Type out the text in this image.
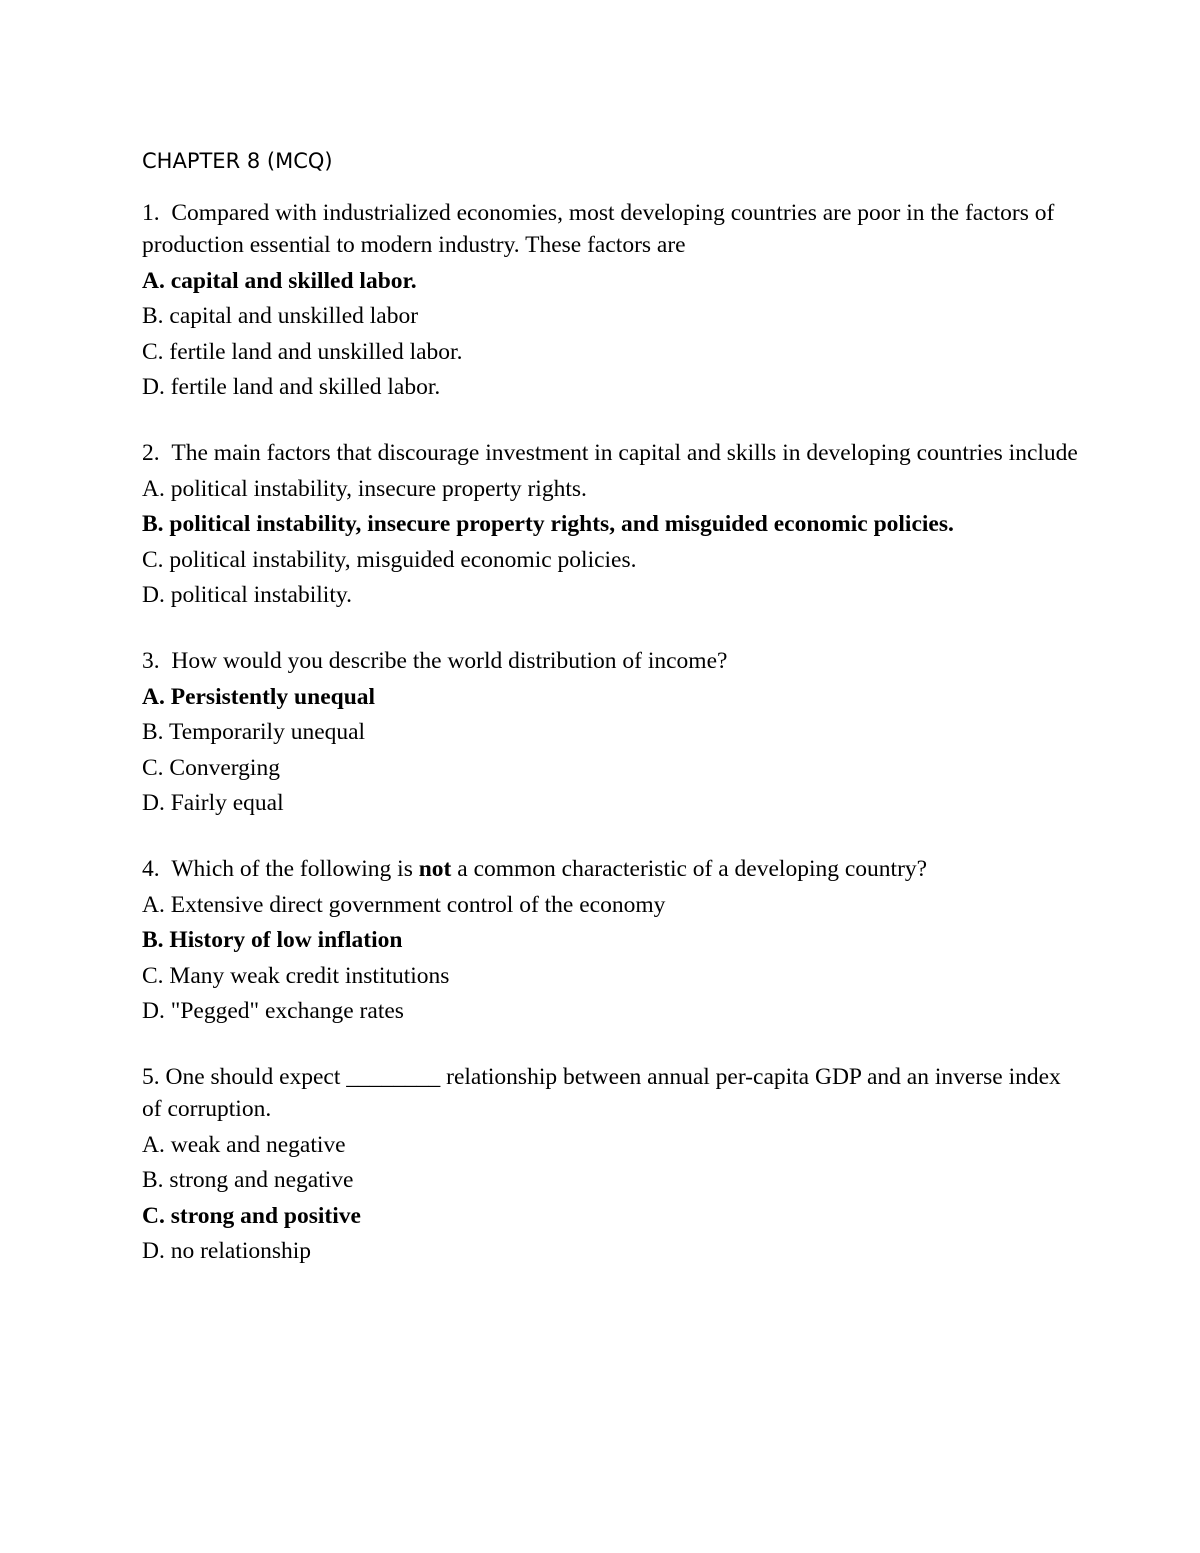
CHAPTER 8 (MCQ)

1. Compared with industrialized economies, most developing countries are poor in the factors of production essential to modern industry. These factors are

A. capital and skilled labor.

B. capital and unskilled labor

C. fertile land and unskilled labor.

D. fertile land and skilled labor.

2. The main factors that discourage investment in capital and skills in developing countries include

A. political instability, insecure property rights.

B. political instability, insecure property rights, and misguided economic policies.

C. political instability, misguided economic policies.

D. political instability.

3. How would you describe the world distribution of income?

A. Persistently unequal

B. Temporarily unequal

C. Converging

D. Fairly equal

4. Which of the following is not a common characteristic of a developing country?

A. Extensive direct government control of the economy

B. History of low inflation

C. Many weak credit institutions

D. "Pegged" exchange rates

5. One should expect ________ relationship between annual per-capita GDP and an inverse index of corruption.

A. weak and negative

B. strong and negative

C. strong and positive

D. no relationship
